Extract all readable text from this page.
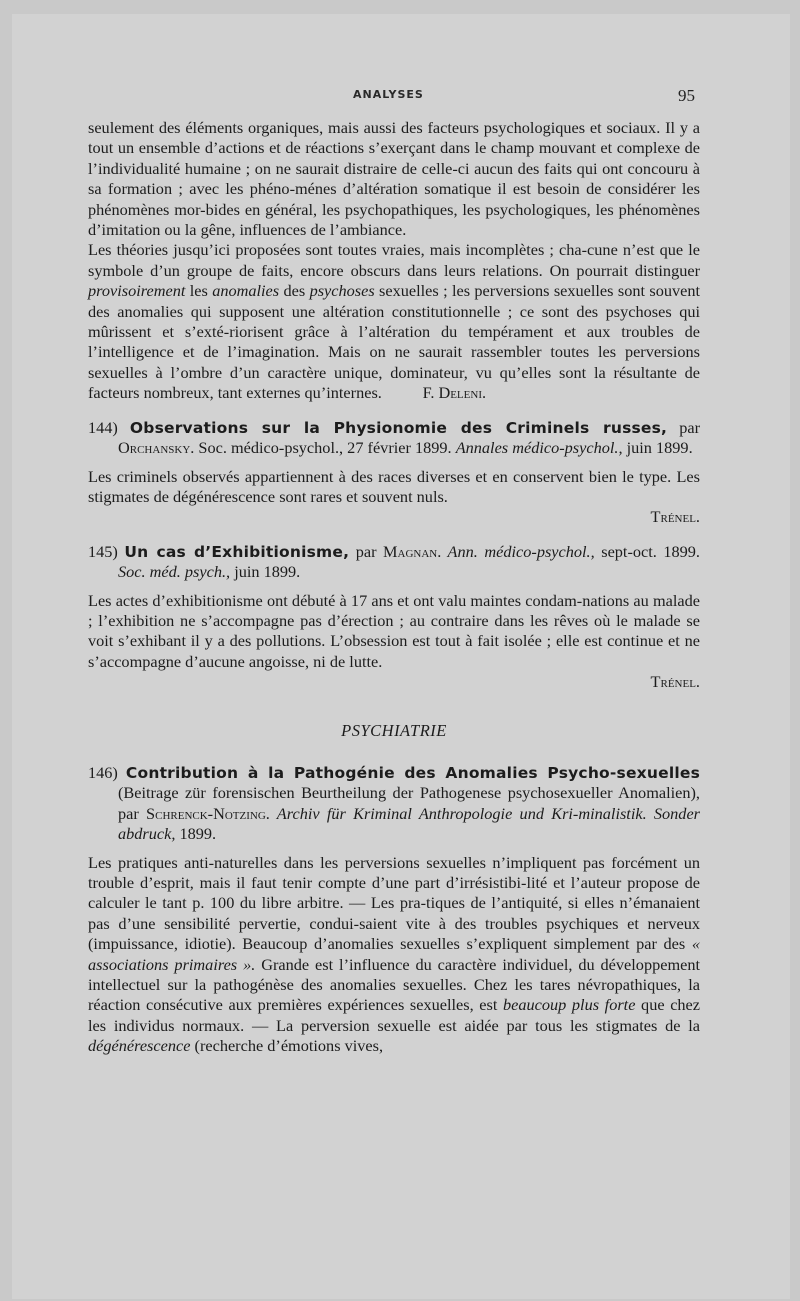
ANALYSES	95

seulement des éléments organiques, mais aussi des facteurs psychologiques et sociaux. Il y a tout un ensemble d’actions et de réactions s’exerçant dans le champ mouvant et complexe de l’individualité humaine ; on ne saurait distraire de celle-ci aucun des faits qui ont concouru à sa formation ; avec les phéno-ménes d’altération somatique il est besoin de considérer les phénomènes mor-bides en général, les psychopathiques, les psychologiques, les phénomènes d’imitation ou la gêne, influences de l’ambiance.

Les théories jusqu’ici proposées sont toutes vraies, mais incomplètes ; cha-cune n’est que le symbole d’un groupe de faits, encore obscurs dans leurs relations. On pourrait distinguer provisoirement les anomalies des psychoses sexuelles ; les perversions sexuelles sont souvent des anomalies qui supposent une altération constitutionnelle ; ce sont des psychoses qui mûrissent et s’exté-riorisent grâce à l’altération du tempérament et aux troubles de l’intelligence et de l’imagination. Mais on ne saurait rassembler toutes les perversions sexuelles à l’ombre d’un caractère unique, dominateur, vu qu’elles sont la résultante de facteurs nombreux, tant externes qu’internes. F. Deleni.

144) Observations sur la Physionomie des Criminels russes, par Orchansky. Soc. médico-psychol., 27 février 1899. Annales médico-psychol., juin 1899.

Les criminels observés appartiennent à des races diverses et en conservent bien le type. Les stigmates de dégénérescence sont rares et souvent nuls.

Trénel.

145) Un cas d’Exhibitionisme, par Magnan. Ann. médico-psychol., sept-oct. 1899. Soc. méd. psych., juin 1899.

Les actes d’exhibitionisme ont débuté à 17 ans et ont valu maintes condam-nations au malade ; l’exhibition ne s’accompagne pas d’érection ; au contraire dans les rêves où le malade se voit s’exhibant il y a des pollutions. L’obsession est tout à fait isolée ; elle est continue et ne s’accompagne d’aucune angoisse, ni de lutte.

Trénel.

PSYCHIATRIE
146) Contribution à la Pathogénie des Anomalies Psycho-sexuelles (Beitrage zür forensischen Beurtheilung der Pathogenese psychosexueller Anomalien), par Schrenck-Notzing. Archiv für Kriminal Anthropologie und Kri-minalistik. Sonder abdruck, 1899.

Les pratiques anti-naturelles dans les perversions sexuelles n’impliquent pas forcément un trouble d’esprit, mais il faut tenir compte d’une part d’irrésistibi-lité et l’auteur propose de calculer le tant p. 100 du libre arbitre. — Les pra-tiques de l’antiquité, si elles n’émanaient pas d’une sensibilité pervertie, condui-saient vite à des troubles psychiques et nerveux (impuissance, idiotie). Beaucoup d’anomalies sexuelles s’expliquent simplement par des « associations primaires ». Grande est l’influence du caractère individuel, du développement intellectuel sur la pathogénèse des anomalies sexuelles. Chez les tares névropathiques, la réaction consécutive aux premières expériences sexuelles, est beaucoup plus forte que chez les individus normaux. — La perversion sexuelle est aidée par tous les stigmates de la dégénérescence (recherche d’émotions vives,
